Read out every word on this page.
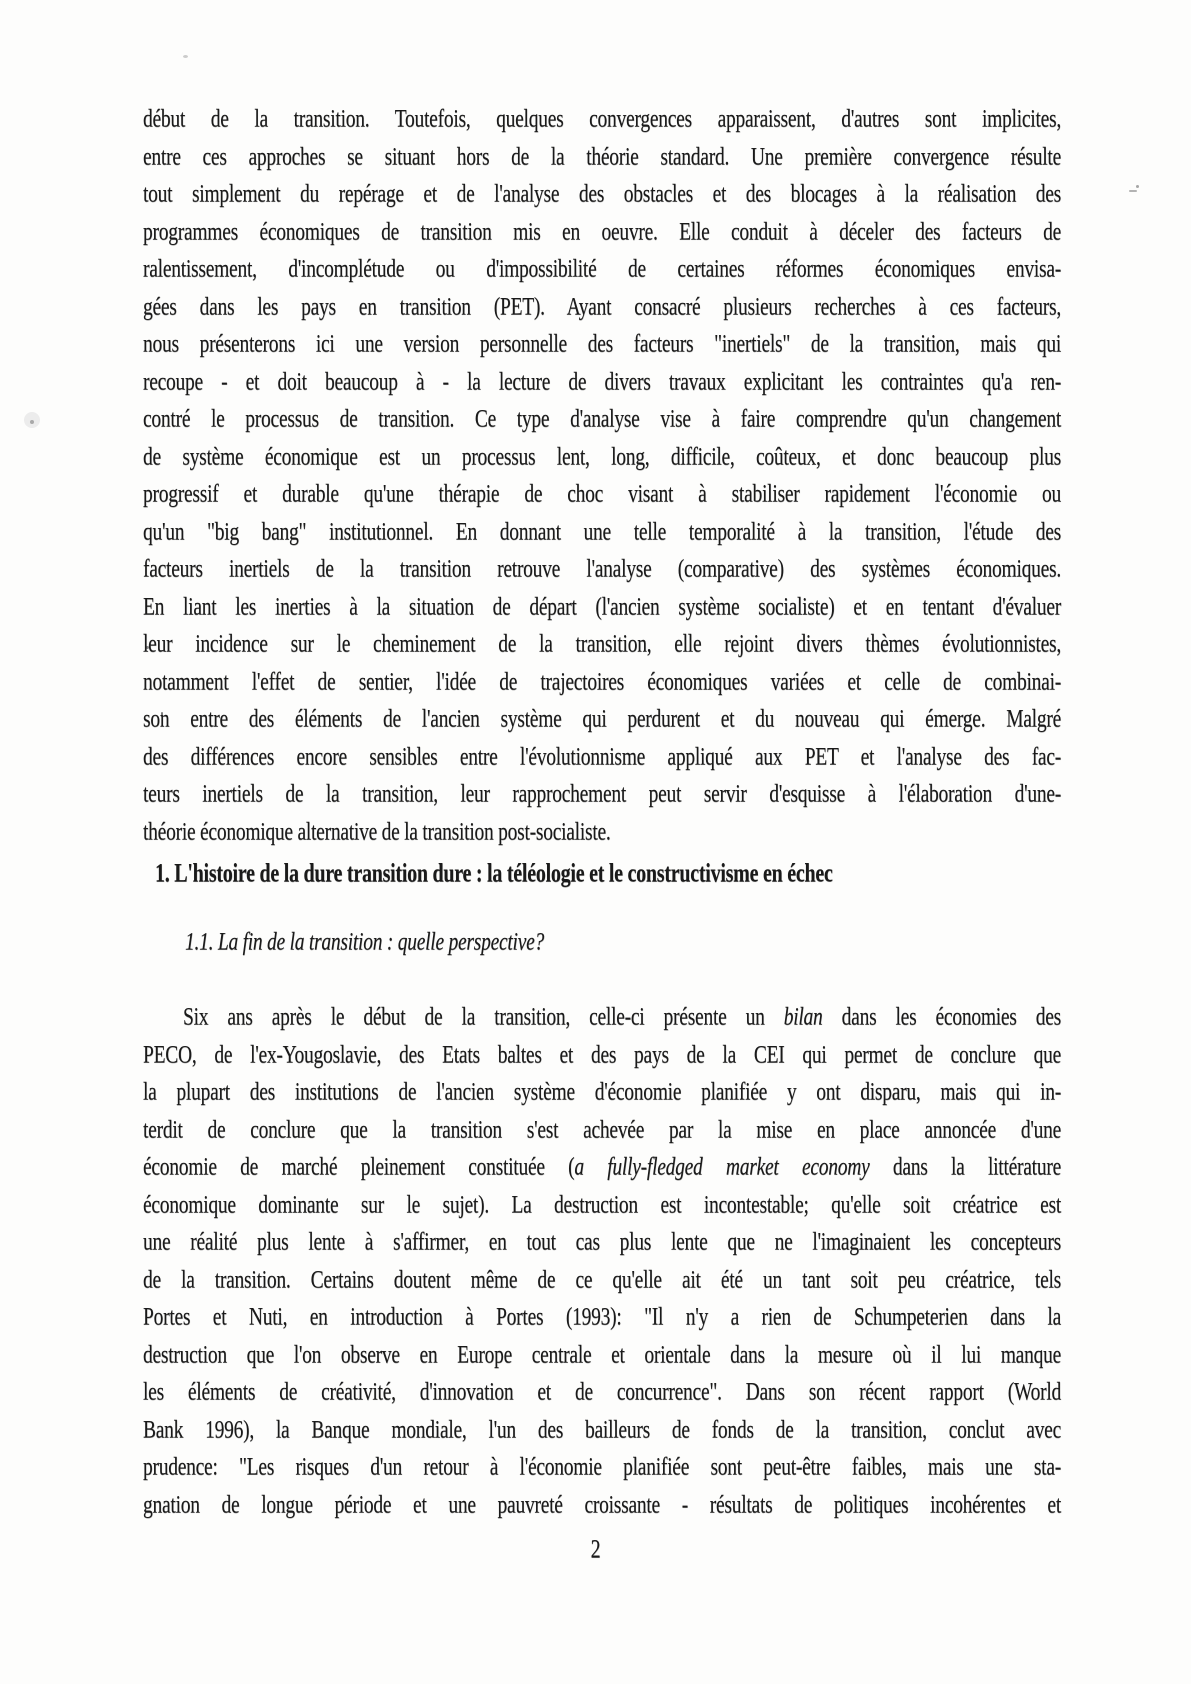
début de la transition. Toutefois, quelques convergences apparaissent, d'autres sont implicites,
entre ces approches se situant hors de la théorie standard. Une première convergence résulte
tout simplement du repérage et de l'analyse des obstacles et des blocages à la réalisation des
programmes économiques de transition mis en oeuvre. Elle conduit à déceler des facteurs de
ralentissement, d'incomplétude ou d'impossibilité de certaines réformes économiques envisa-
gées dans les pays en transition (PET). Ayant consacré plusieurs recherches à ces facteurs,
nous présenterons ici une version personnelle des facteurs "inertiels" de la transition, mais qui
recoupe - et doit beaucoup à - la lecture de divers travaux explicitant les contraintes qu'a ren-
contré le processus de transition. Ce type d'analyse vise à faire comprendre qu'un changement
de système économique est un processus lent, long, difficile, coûteux, et donc beaucoup plus
progressif et durable qu'une thérapie de choc visant à stabiliser rapidement l'économie ou
qu'un "big bang" institutionnel. En donnant une telle temporalité à la transition, l'étude des
facteurs inertiels de la transition retrouve l'analyse (comparative) des systèmes économiques.
En liant les inerties à la situation de départ (l'ancien système socialiste) et en tentant d'évaluer
leur incidence sur le cheminement de la transition, elle rejoint divers thèmes évolutionnistes,
notamment l'effet de sentier, l'idée de trajectoires économiques variées et celle de combinai-
son entre des éléments de l'ancien système qui perdurent et du nouveau qui émerge. Malgré
des différences encore sensibles entre l'évolutionnisme appliqué aux PET et l'analyse des fac-
teurs inertiels de la transition, leur rapprochement peut servir d'esquisse à l'élaboration d'une-
théorie économique alternative de la transition post-socialiste.
1. L'histoire de la dure transition dure : la téléologie et le constructivisme en échec
1.1. La fin de la transition : quelle perspective?
Six ans après le début de la transition, celle-ci présente un bilan dans les économies des
PECO, de l'ex-Yougoslavie, des Etats baltes et des pays de la CEI qui permet de conclure que
la plupart des institutions de l'ancien système d'économie planifiée y ont disparu, mais qui in-
terdit de conclure que la transition s'est achevée par la mise en place annoncée d'une
économie de marché pleinement constituée (a fully-fledged market economy dans la littérature
économique dominante sur le sujet). La destruction est incontestable; qu'elle soit créatrice est
une réalité plus lente à s'affirmer, en tout cas plus lente que ne l'imaginaient les concepteurs
de la transition. Certains doutent même de ce qu'elle ait été un tant soit peu créatrice, tels
Portes et Nuti, en introduction à Portes (1993): "Il n'y a rien de Schumpeterien dans la
destruction que l'on observe en Europe centrale et orientale dans la mesure où il lui manque
les éléments de créativité, d'innovation et de concurrence". Dans son récent rapport (World
Bank 1996), la Banque mondiale, l'un des bailleurs de fonds de la transition, conclut avec
prudence: "Les risques d'un retour à l'économie planifiée sont peut-être faibles, mais une sta-
gnation de longue période et une pauvreté croissante - résultats de politiques incohérentes et
2
